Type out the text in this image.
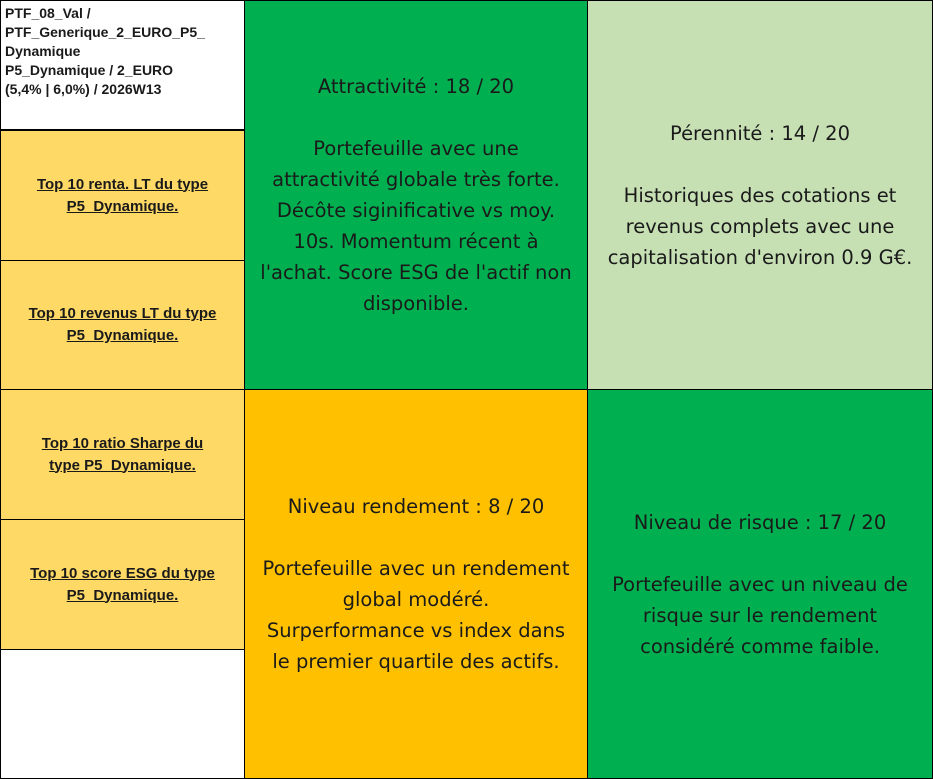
PTF_08_Val /
PTF_Generique_2_EURO_P5_
Dynamique
P5_Dynamique / 2_EURO
(5,4% | 6,0%) / 2026W13
Top 10 renta. LT du type
P5_Dynamique.
Top 10 revenus LT du type
P5_Dynamique.
Top 10 ratio Sharpe du
type P5_Dynamique.
Top 10 score ESG du type
P5_Dynamique.
Attractivité : 18 / 20
Portefeuille avec une
attractivité globale très forte.
Décôte siginificative vs moy.
10s. Momentum récent à
l'achat. Score ESG de l'actif non
disponible.
Pérennité : 14 / 20
Historiques des cotations et
revenus complets avec une
capitalisation d'environ 0.9 G€.
Niveau rendement : 8 / 20
Portefeuille avec un rendement
global modéré.
Surperformance vs index dans
le premier quartile des actifs.
Niveau de risque : 17 / 20
Portefeuille avec un niveau de
risque sur le rendement
considéré comme faible.
